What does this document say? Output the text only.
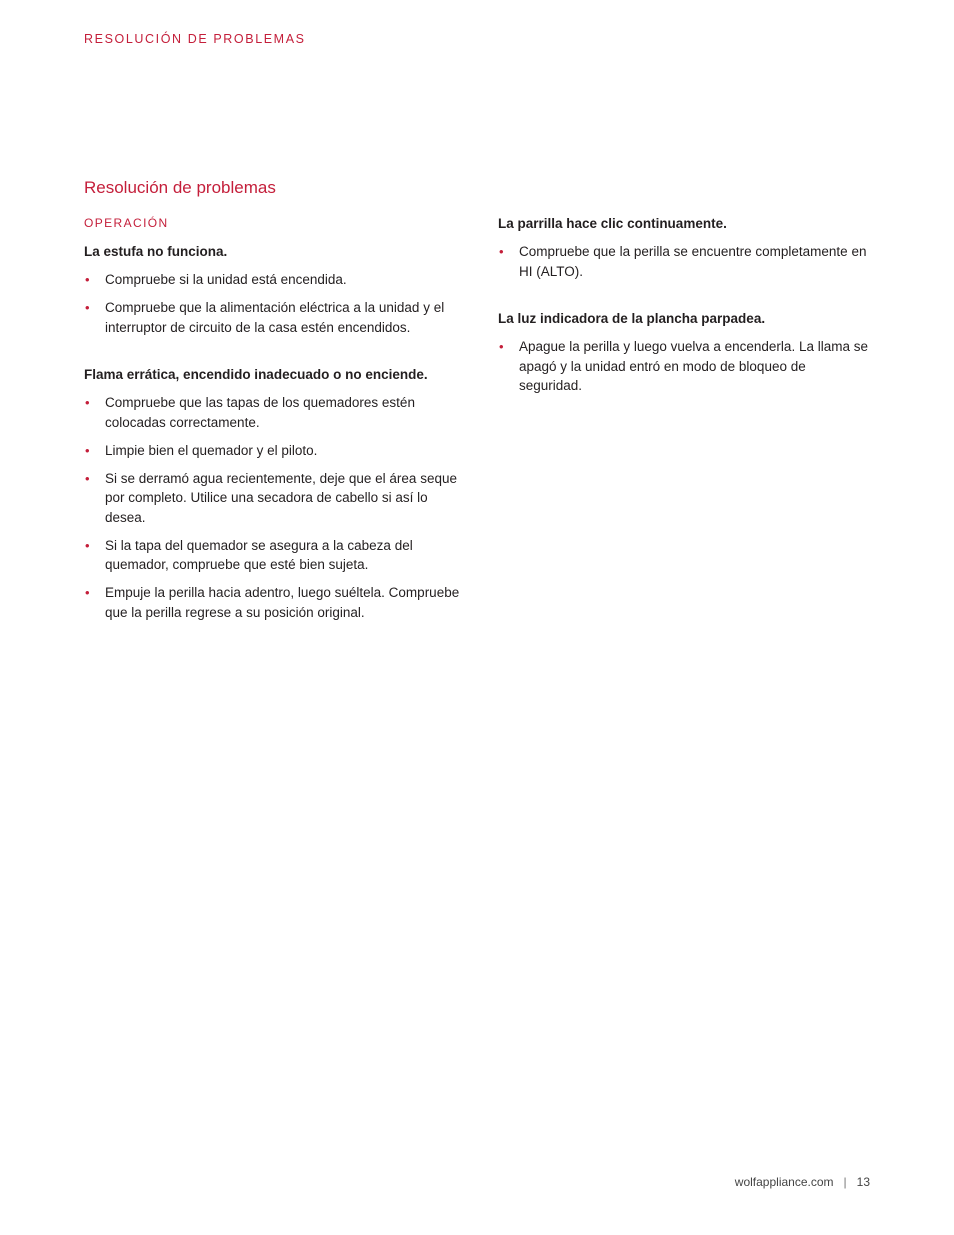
RESOLUCIÓN DE PROBLEMAS
Resolución de problemas
OPERACIÓN
La estufa no funciona.
• Compruebe si la unidad está encendida.
• Compruebe que la alimentación eléctrica a la unidad y el interruptor de circuito de la casa estén encendidos.
Flama errática, encendido inadecuado o no enciende.
• Compruebe que las tapas de los quemadores estén colocadas correctamente.
• Limpie bien el quemador y el piloto.
• Si se derramó agua recientemente, deje que el área seque por completo. Utilice una secadora de cabello si así lo desea.
• Si la tapa del quemador se asegura a la cabeza del quemador, compruebe que esté bien sujeta.
• Empuje la perilla hacia adentro, luego suéltela. Compruebe que la perilla regrese a su posición original.
La parrilla hace clic continuamente.
• Compruebe que la perilla se encuentre completamente en HI (ALTO).
La luz indicadora de la plancha parpadea.
• Apague la perilla y luego vuelva a encenderla. La llama se apagó y la unidad entró en modo de bloqueo de seguridad.
wolfappliance.com | 13
